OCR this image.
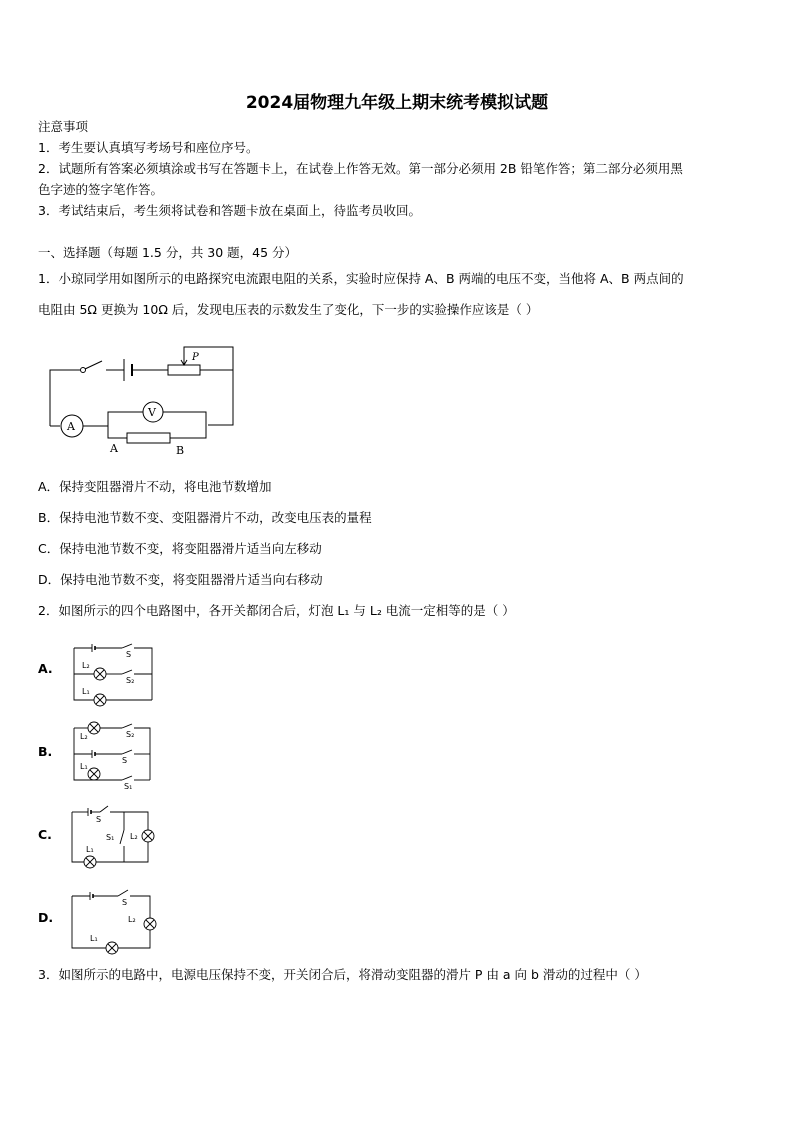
2024届物理九年级上期末统考模拟试题
注意事项
1．考生要认真填写考场号和座位序号。
2．试题所有答案必须填涂或书写在答题卡上，在试卷上作答无效。第一部分必须用 2B 铅笔作答；第二部分必须用黑
色字迹的签字笔作答。
3．考试结束后，考生须将试卷和答题卡放在桌面上，待监考员收回。
一、选择题（每题 1.5 分，共 30 题，45 分）
1．小琼同学用如图所示的电路探究电流跟电阻的关系，实验时应保持 A、B 两端的电压不变，当他将 A、B 两点间的
电阻由 5Ω 更换为 10Ω 后，发现电压表的示数发生了变化，下一步的实验操作应该是（ ）
P
V
A
A	B
A．保持变阻器滑片不动，将电池节数增加
B．保持电池节数不变、变阻器滑片不动，改变电压表的量程
C．保持电池节数不变，将变阻器滑片适当向左移动
D．保持电池节数不变，将变阻器滑片适当向右移动
2．如图所示的四个电路图中，各开关都闭合后，灯泡 L₁ 与 L₂ 电流一定相等的是（ ）
A.
S
L₂
S₂
L₁
B.
L₂	S₂
S
L₁
S₁
C.
S
S₁ L₂
L₁
D.
S
L₂
L₁
3．如图所示的电路中，电源电压保持不变，开关闭合后，将滑动变阻器的滑片 P 由 a 向 b 滑动的过程中（ ）
